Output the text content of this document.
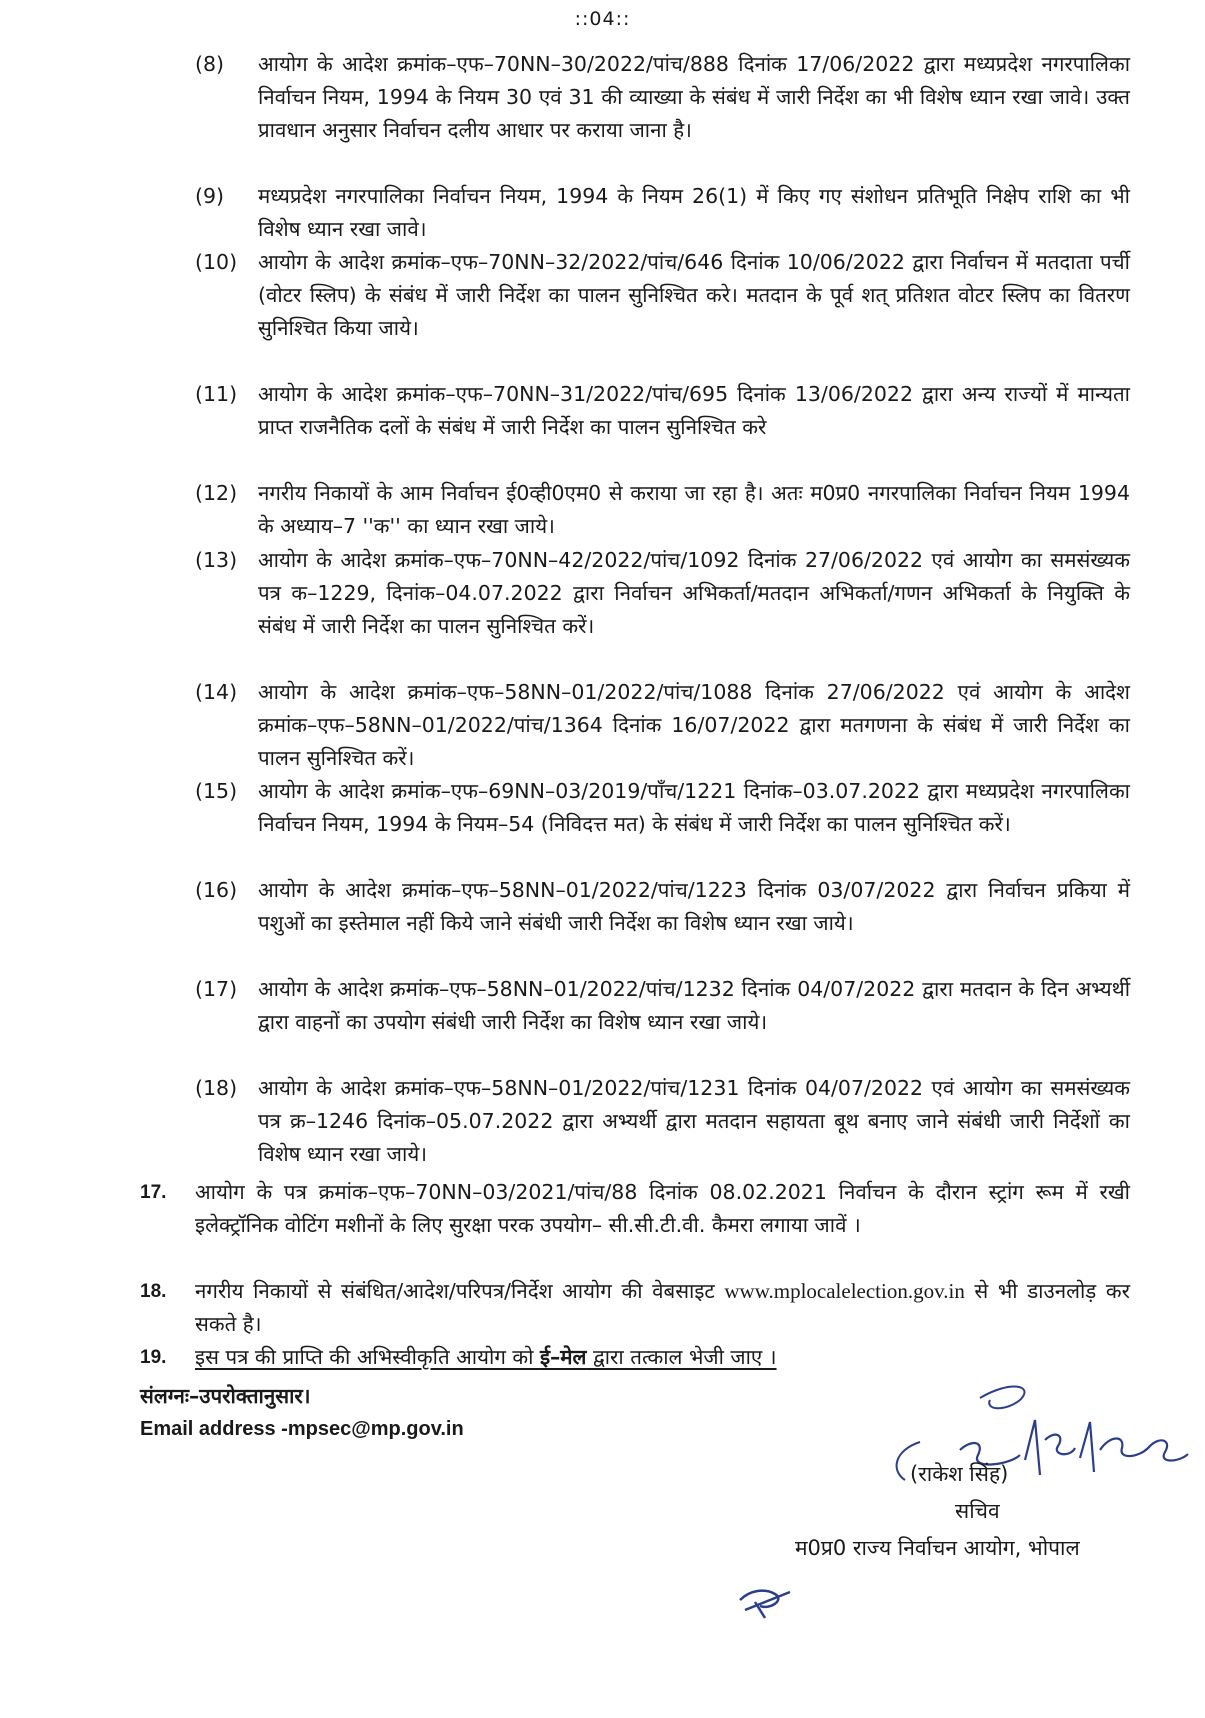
::04::
(8)	आयोग के आदेश क्रमांक–एफ–70NN–30/2022/पांच/888 दिनांक 17/06/2022 द्वारा मध्यप्रदेश नगरपालिका निर्वाचन नियम, 1994 के नियम 30 एवं 31 की व्याख्या के संबंध में जारी निर्देश का भी विशेष ध्यान रखा जावे। उक्त प्रावधान अनुसार निर्वाचन दलीय आधार पर कराया जाना है।
(9)	मध्यप्रदेश नगरपालिका निर्वाचन नियम, 1994 के नियम 26(1) में किए गए संशोधन प्रतिभूति निक्षेप राशि का भी विशेष ध्यान रखा जावे।
(10)	आयोग के आदेश क्रमांक–एफ–70NN–32/2022/पांच/646 दिनांक 10/06/2022 द्वारा निर्वाचन में मतदाता पर्ची (वोटर स्लिप) के संबंध में जारी निर्देश का पालन सुनिश्चित करे। मतदान के पूर्व शत् प्रतिशत वोटर स्लिप का वितरण सुनिश्चित किया जाये।
(11)	आयोग के आदेश क्रमांक–एफ–70NN–31/2022/पांच/695 दिनांक 13/06/2022 द्वारा अन्य राज्यों में मान्यता प्राप्त राजनैतिक दलों के संबंध में जारी निर्देश का पालन सुनिश्चित करे
(12)	नगरीय निकायों के आम निर्वाचन ई0व्ही0एम0 से कराया जा रहा है। अतः म0प्र0 नगरपालिका निर्वाचन नियम 1994 के अध्याय–7 ''क'' का ध्यान रखा जाये।
(13)	आयोग के आदेश क्रमांक–एफ–70NN–42/2022/पांच/1092 दिनांक 27/06/2022 एवं आयोग का समसंख्यक पत्र क–1229, दिनांक–04.07.2022 द्वारा निर्वाचन अभिकर्ता/मतदान अभिकर्ता/गणन अभिकर्ता के नियुक्ति के संबंध में जारी निर्देश का पालन सुनिश्चित करें।
(14)	आयोग के आदेश क्रमांक–एफ–58NN–01/2022/पांच/1088 दिनांक 27/06/2022 एवं आयोग के आदेश क्रमांक–एफ–58NN–01/2022/पांच/1364 दिनांक 16/07/2022 द्वारा मतगणना के संबंध में जारी निर्देश का पालन सुनिश्चित करें।
(15)	आयोग के आदेश क्रमांक–एफ–69NN–03/2019/पाँच/1221 दिनांक–03.07.2022 द्वारा मध्यप्रदेश नगरपालिका निर्वाचन नियम, 1994 के नियम–54 (निविदत्त मत) के संबंध में जारी निर्देश का पालन सुनिश्चित करें।
(16)	आयोग के आदेश क्रमांक–एफ–58NN–01/2022/पांच/1223 दिनांक 03/07/2022 द्वारा निर्वाचन प्रकिया में पशुओं का इस्तेमाल नहीं किये जाने संबंधी जारी निर्देश का विशेष ध्यान रखा जाये।
(17)	आयोग के आदेश क्रमांक–एफ–58NN–01/2022/पांच/1232 दिनांक 04/07/2022 द्वारा मतदान के दिन अभ्यर्थी द्वारा वाहनों का उपयोग संबंधी जारी निर्देश का विशेष ध्यान रखा जाये।
(18)	आयोग के आदेश क्रमांक–एफ–58NN–01/2022/पांच/1231 दिनांक 04/07/2022 एवं आयोग का समसंख्यक पत्र क्र–1246 दिनांक–05.07.2022 द्वारा अभ्यर्थी द्वारा मतदान सहायता बूथ बनाए जाने संबंधी जारी निर्देशों का विशेष ध्यान रखा जाये।
17.	आयोग के पत्र क्रमांक–एफ–70NN–03/2021/पांच/88 दिनांक 08.02.2021 निर्वाचन के दौरान स्ट्रांग रूम में रखी इलेक्ट्रॉनिक वोटिंग मशीनों के लिए सुरक्षा परक उपयोग– सी.सी.टी.वी. कैमरा लगाया जावें ।
18.	नगरीय निकायों से संबंधित/आदेश/परिपत्र/निर्देश आयोग की वेबसाइट www.mplocalelection.gov.in से भी डाउनलोड़ कर सकते है।
19.	इस पत्र की प्राप्ति की अभिस्वीकृति आयोग को ई–मेल द्वारा तत्काल भेजी जाए ।
संलग्नः–उपरोक्तानुसार।
Email address -mpsec@mp.gov.in
(राकेश सिंह)
सचिव
म0प्र0 राज्य निर्वाचन आयोग, भोपाल
